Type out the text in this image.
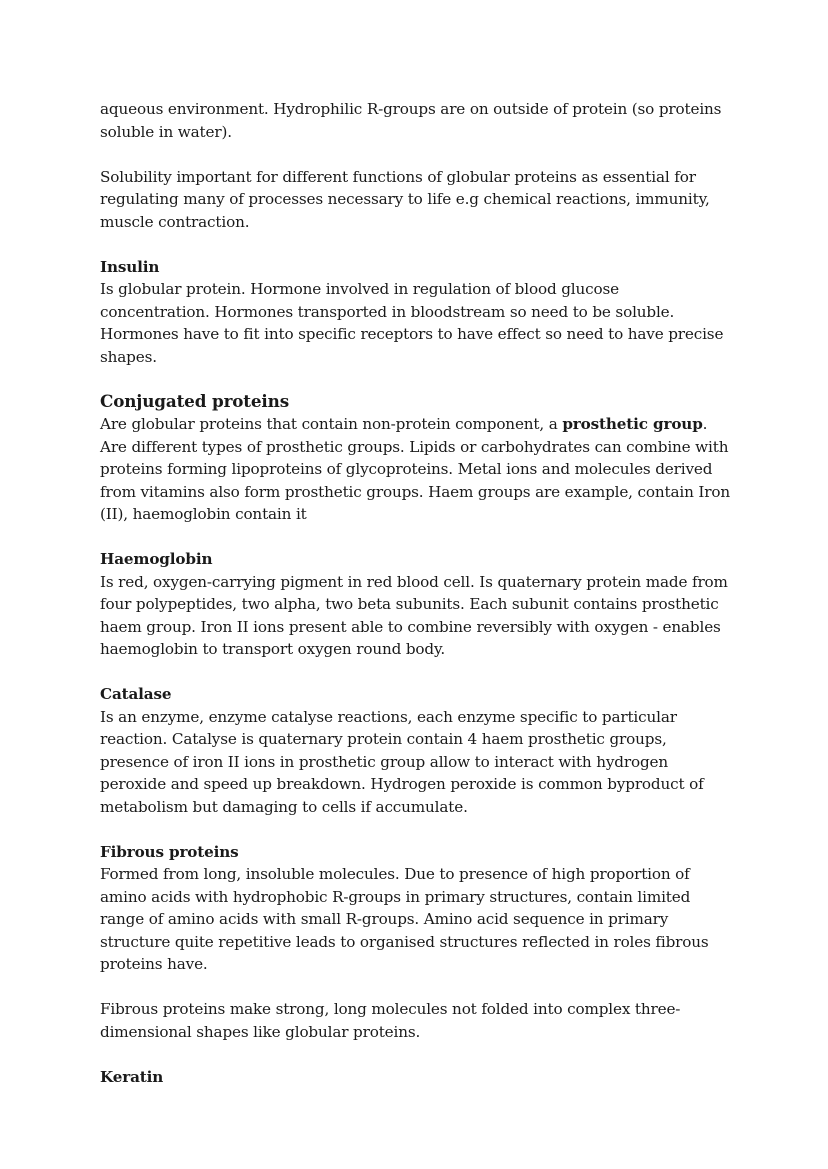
aqueous environment. Hydrophilic R-groups are on outside of protein (so proteins soluble in water).

Solubility important for different functions of globular proteins as essential for regulating many of processes necessary to life e.g chemical reactions, immunity, muscle contraction.

Insulin

Is globular protein. Hormone involved in regulation of blood glucose concentration. Hormones transported in bloodstream so need to be soluble. Hormones have to fit into specific receptors to have effect so need to have precise shapes.

Conjugated proteins

Are globular proteins that contain non-protein component, a prosthetic group. Are different types of prosthetic groups. Lipids or carbohydrates can combine with proteins forming lipoproteins of glycoproteins. Metal ions and molecules derived from vitamins also form prosthetic groups. Haem groups are example, contain Iron (II), haemoglobin contain it

Haemoglobin

Is red, oxygen-carrying pigment in red blood cell. Is quaternary protein made from four polypeptides, two alpha, two beta subunits. Each subunit contains prosthetic haem group. Iron II ions present able to combine reversibly with oxygen - enables haemoglobin to transport oxygen round body.

Catalase

Is an enzyme, enzyme catalyse reactions, each enzyme specific to particular reaction. Catalyse is quaternary protein contain 4 haem prosthetic groups, presence of iron II ions in prosthetic group allow to interact with hydrogen peroxide and speed up breakdown. Hydrogen peroxide is common byproduct of metabolism but damaging to cells if accumulate.

Fibrous proteins

Formed from long, insoluble molecules. Due to presence of high proportion of amino acids with hydrophobic R-groups in primary structures, contain limited range of amino acids with small R-groups. Amino acid sequence in primary structure quite repetitive leads to organised structures reflected in roles fibrous proteins have.

Fibrous proteins make strong, long molecules not folded into complex three-dimensional shapes like globular proteins.

Keratin
